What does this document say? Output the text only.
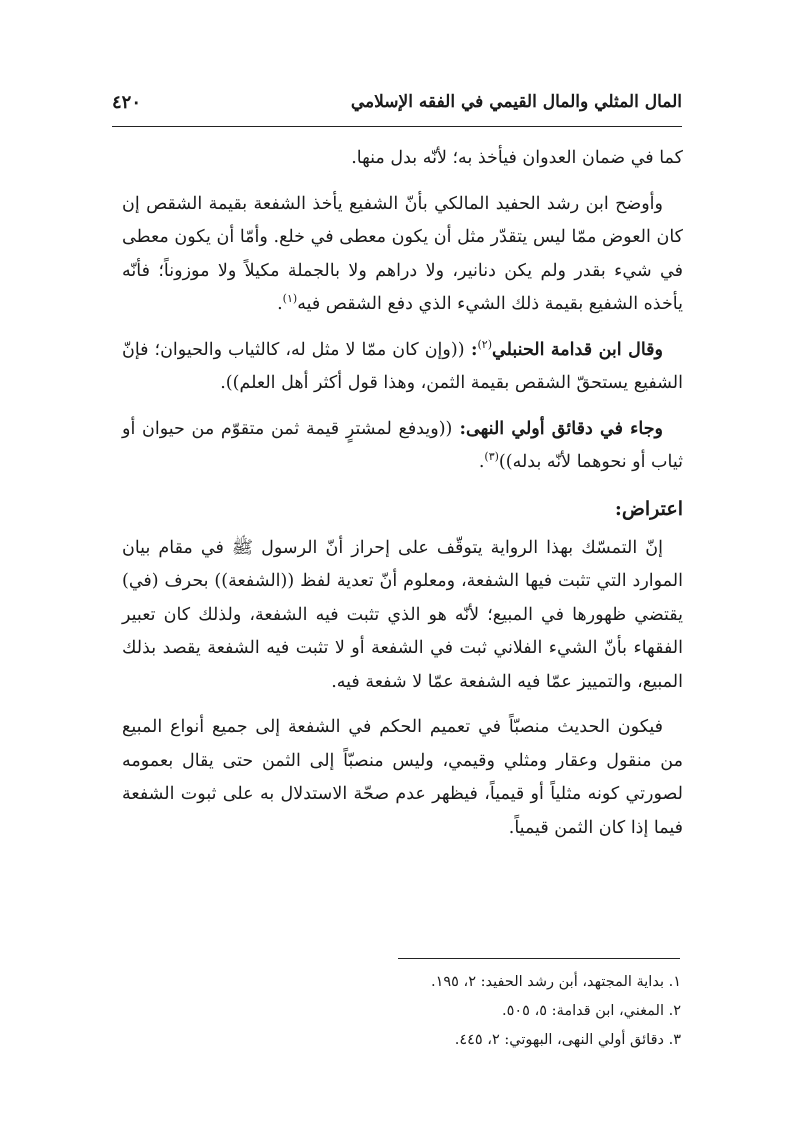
المال المثلي والمال القيمي في الفقه الإسلامي
٤٢٠

كما في ضمان العدوان فيأخذ به؛ لأنّه بدل منها.

وأوضح ابن رشد الحفيد المالكي بأنّ الشفيع يأخذ الشفعة بقيمة الشقص إن كان العوض ممّا ليس يتقدّر مثل أن يكون معطى في خلع. وأمّا أن يكون معطى في شيء بقدر ولم يكن دنانير، ولا دراهم ولا بالجملة مكيلاً ولا موزوناً؛ فأنّه يأخذه الشفيع بقيمة ذلك الشيء الذي دفع الشقص فيه$^{(١)}$.

وقال ابن قدامة الحنبلي$^{(٢)}$: ((وإن كان ممّا لا مثل له، كالثياب والحيوان؛ فإنّ الشفيع يستحقّ الشقص بقيمة الثمن، وهذا قول أكثر أهل العلم)).

وجاء في دقائق أولي النهى: ((ويدفع لمشترٍ قيمة ثمن متقوّم من حيوان أو ثياب أو نحوهما لأنّه بدله))$^{(٣)}$.

اعتراض:

إنّ التمسّك بهذا الرواية يتوقّف على إحراز أنّ الرسول ﷺ في مقام بيان الموارد التي تثبت فيها الشفعة، ومعلوم أنّ تعدية لفظ ((الشفعة)) بحرف (في) يقتضي ظهورها في المبيع؛ لأنّه هو الذي تثبت فيه الشفعة، ولذلك كان تعبير الفقهاء بأنّ الشيء الفلاني ثبت في الشفعة أو لا تثبت فيه الشفعة يقصد بذلك المبيع، والتمييز عمّا فيه الشفعة عمّا لا شفعة فيه.

فيكون الحديث منصبّاً في تعميم الحكم في الشفعة إلى جميع أنواع المبيع من منقول وعقار ومثلي وقيمي، وليس منصبّاً إلى الثمن حتى يقال بعمومه لصورتي كونه مثلياً أو قيمياً، فيظهر عدم صحّة الاستدلال به على ثبوت الشفعة فيما إذا كان الثمن قيمياً.

١. بداية المجتهد، أبن رشد الحفيد: ٢، ١٩٥.

٢. المغني، ابن قدامة: ٥، ٥٠٥.

٣. دقائق أولي النهى، البهوتي: ٢، ٤٤٥.
